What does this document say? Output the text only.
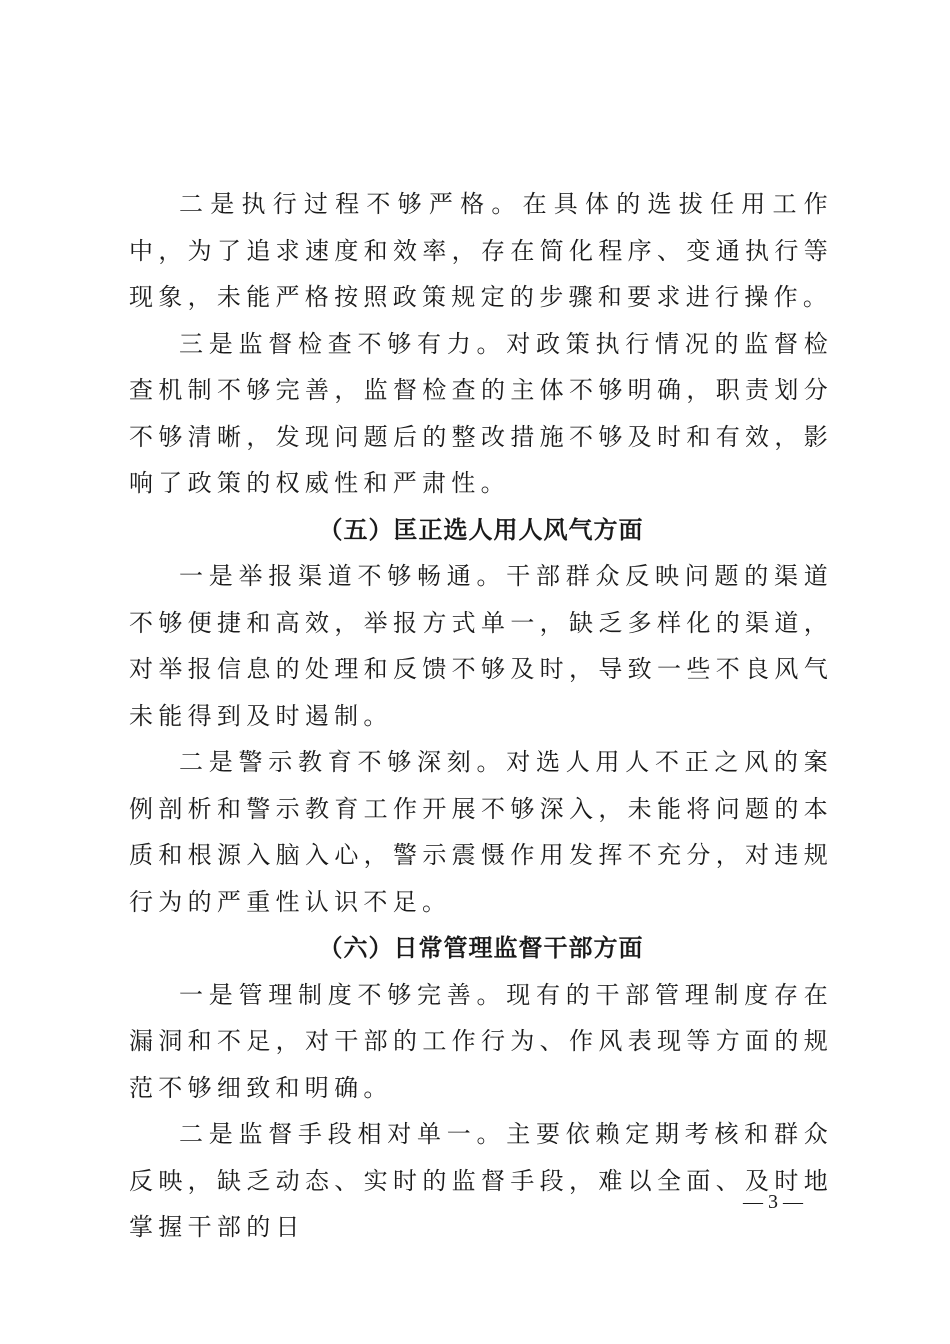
二是执行过程不够严格。在具体的选拔任用工作中，为了追求速度和效率，存在简化程序、变通执行等现象，未能严格按照政策规定的步骤和要求进行操作。

三是监督检查不够有力。对政策执行情况的监督检查机制不够完善，监督检查的主体不够明确，职责划分不够清晰，发现问题后的整改措施不够及时和有效，影响了政策的权威性和严肃性。

（五）匡正选人用人风气方面

一是举报渠道不够畅通。干部群众反映问题的渠道不够便捷和高效，举报方式单一，缺乏多样化的渠道，对举报信息的处理和反馈不够及时，导致一些不良风气未能得到及时遏制。

二是警示教育不够深刻。对选人用人不正之风的案例剖析和警示教育工作开展不够深入，未能将问题的本质和根源入脑入心，警示震慑作用发挥不充分，对违规行为的严重性认识不足。

（六）日常管理监督干部方面

一是管理制度不够完善。现有的干部管理制度存在漏洞和不足，对干部的工作行为、作风表现等方面的规范不够细致和明确。

二是监督手段相对单一。主要依赖定期考核和群众反映，缺乏动态、实时的监督手段，难以全面、及时地掌握干部的日

— 3 —
